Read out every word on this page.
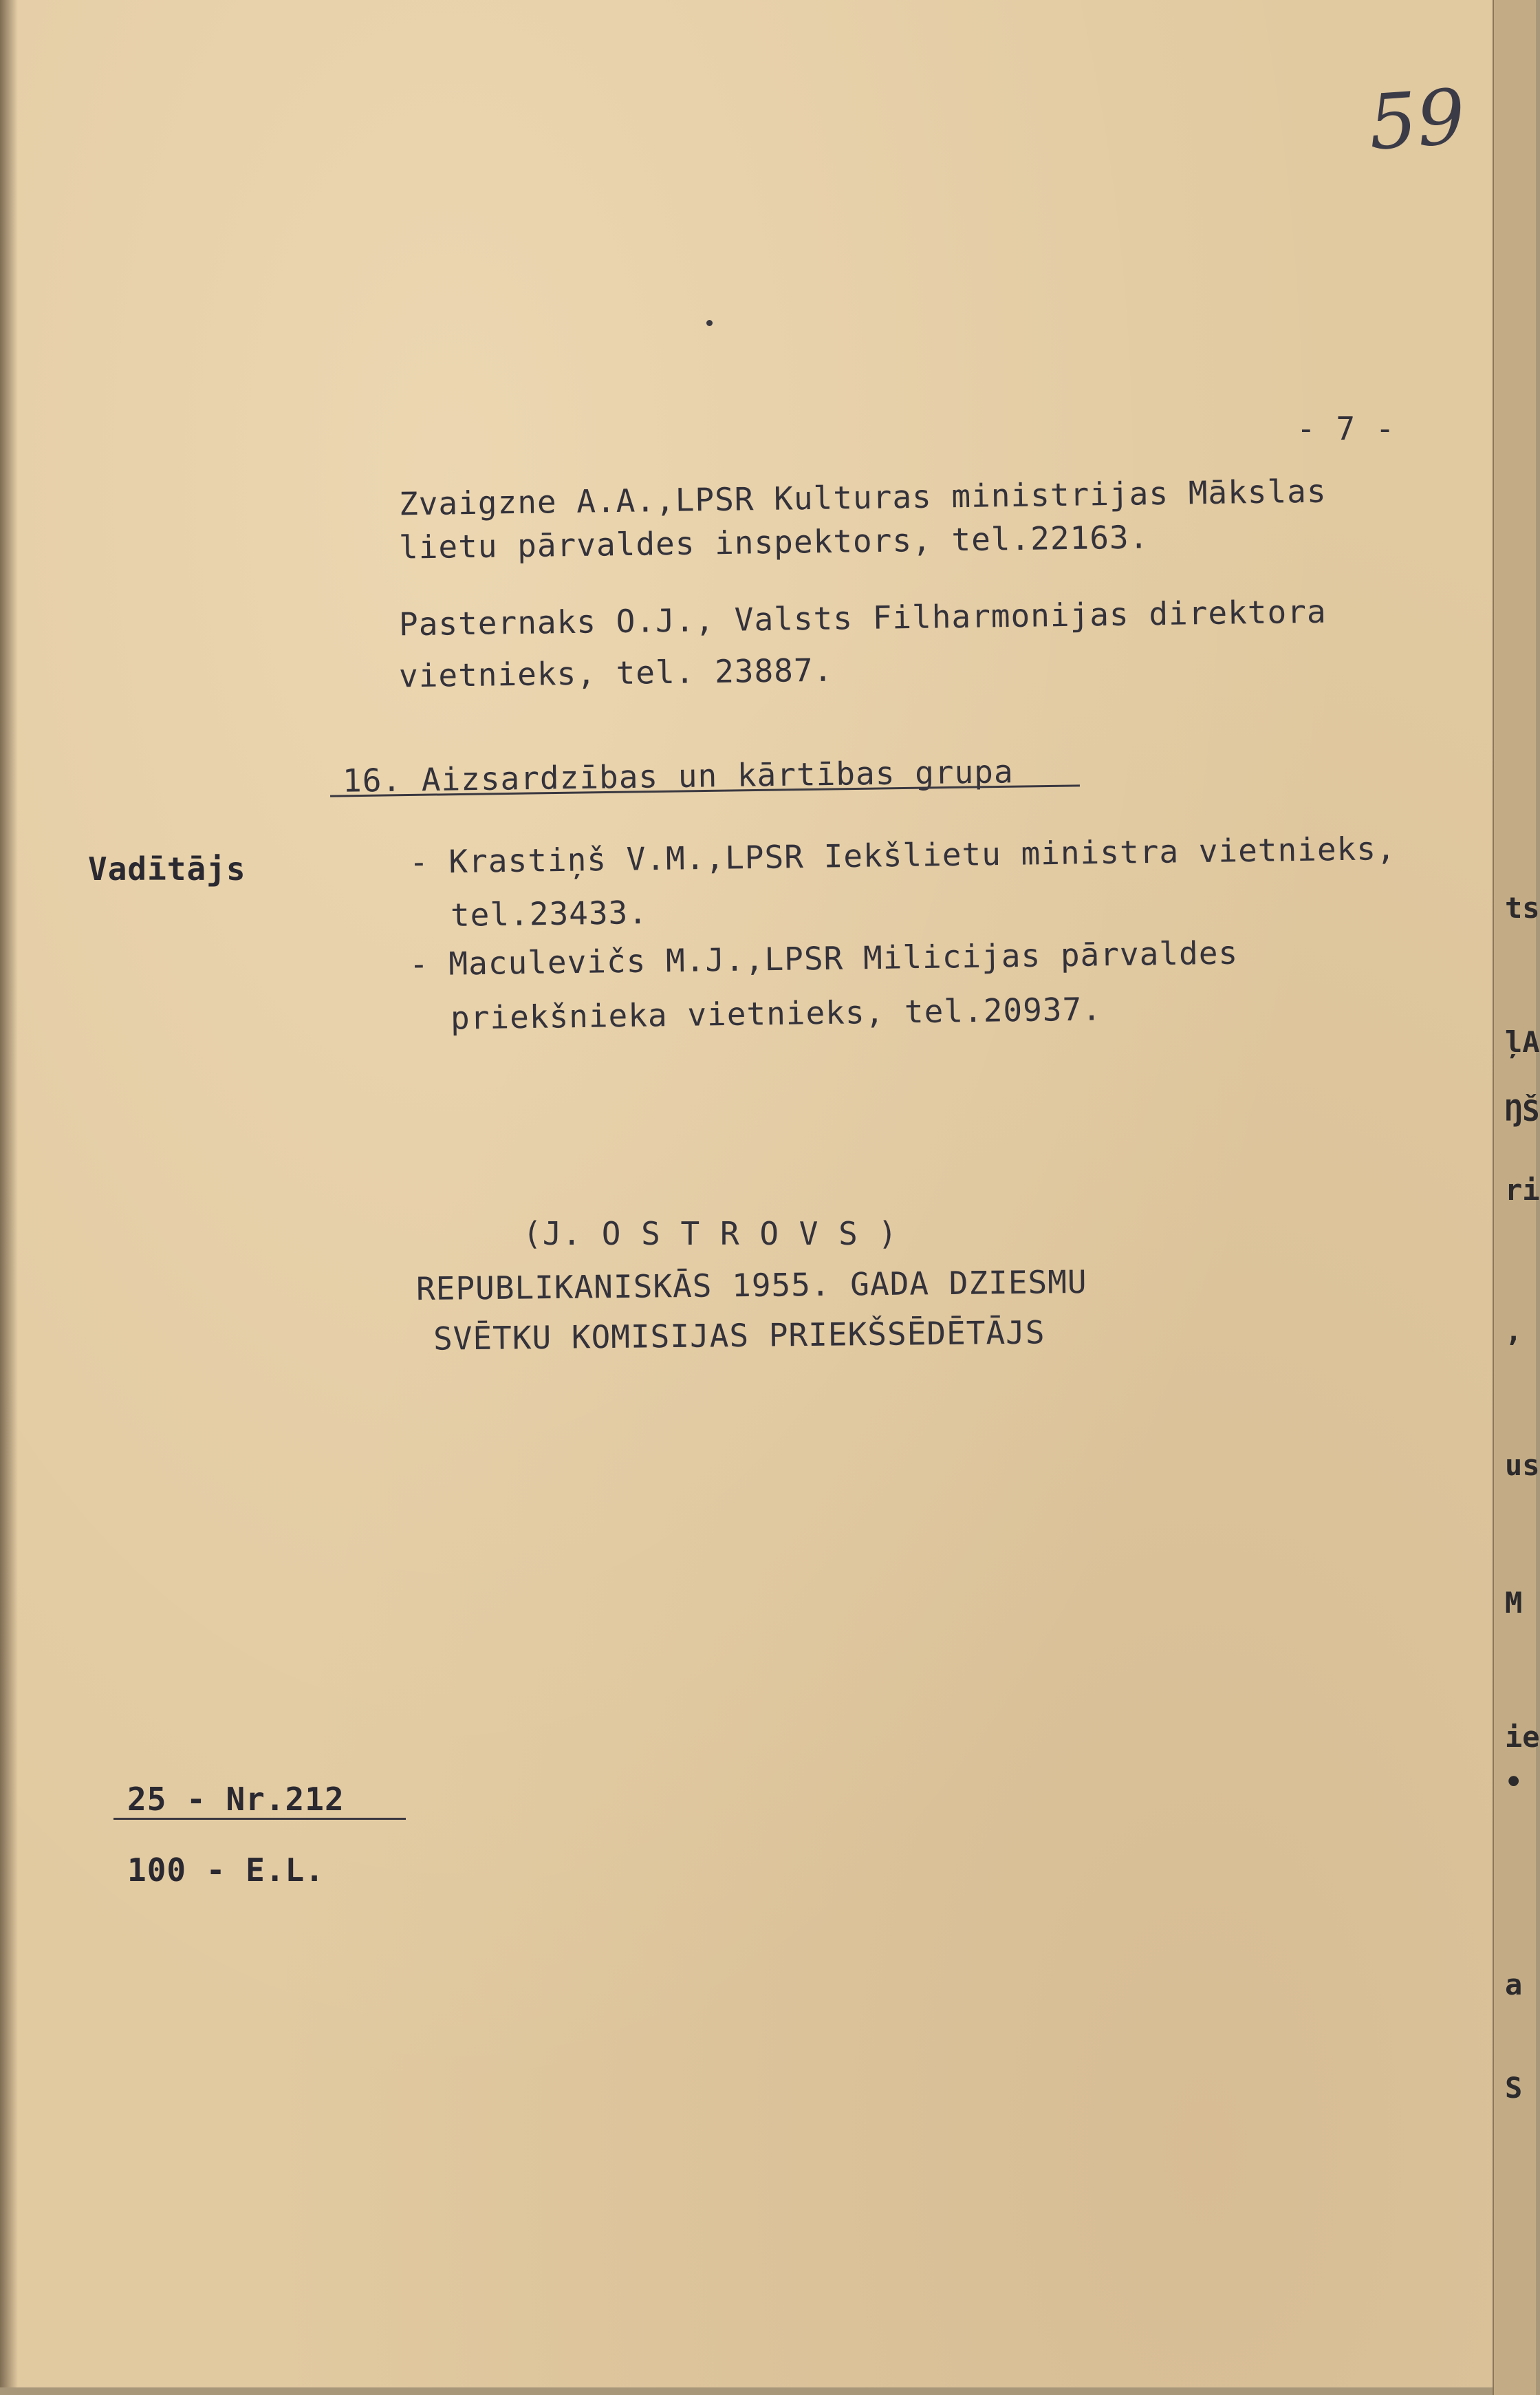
59
- 7 -
Zvaigzne A.A.,LPSR Kulturas ministrijas Mākslas
lietu pārvaldes inspektors, tel.22163.
Pasternaks O.J., Valsts Filharmonijas direktora
vietnieks, tel. 23887.
16. Aizsardzības un kārtības grupa
Vadītājs	- Krastiņš V.M.,LPSR Iekšlietu ministra vietnieks,
tel.23433.
- Maculevičs M.J.,LPSR Milicijas pārvaldes
priekšnieka vietnieks, tel.20937.
(J. O S T R O V S )
REPUBLIKANISKĀS 1955. GADA DZIESMU
SVĒTKU KOMISIJAS PRIEKŠSĒDĒTĀJS
25 - Nr.212
100 - E.L.
ts
ļA
ŊŠ
ri
,
us
M
ie
•
a
S
